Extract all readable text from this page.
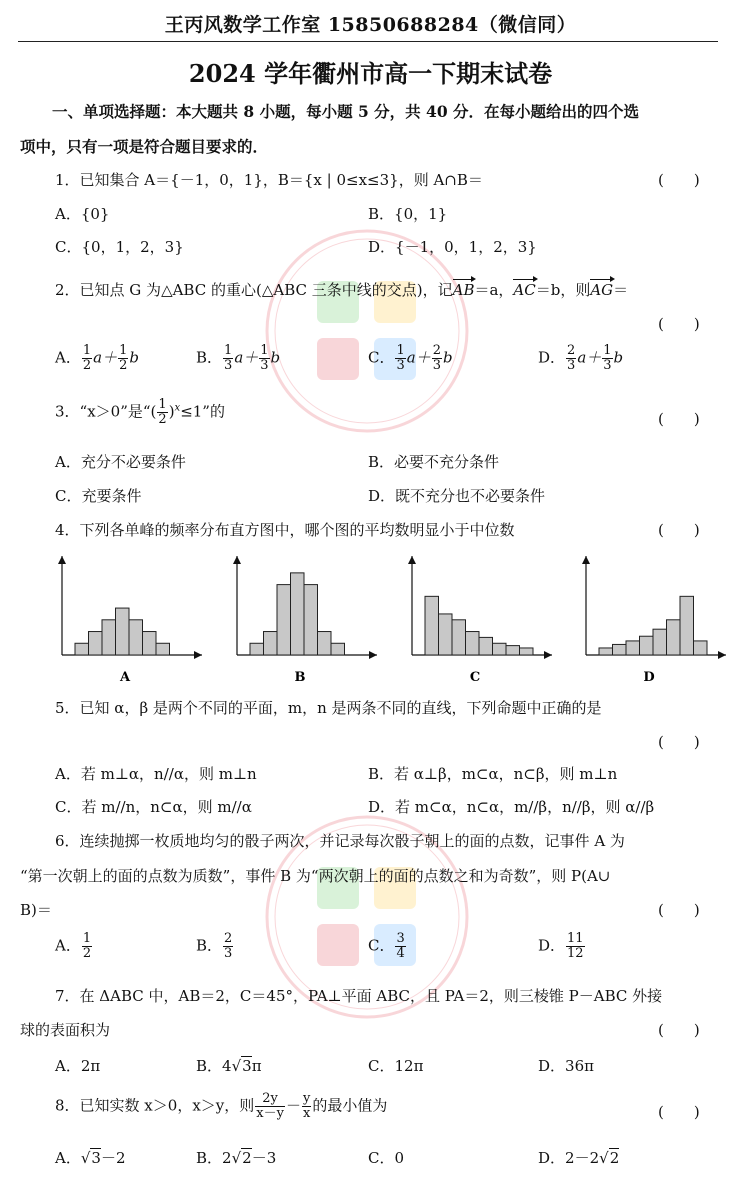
王丙风数学工作室 15850688284（微信同）
2024 学年衢州市高一下期末试卷
一、单项选择题：本大题共 8 小题，每小题 5 分，共 40 分．在每小题给出的四个选
项中，只有一项是符合题目要求的．
1．已知集合 A＝{－1，0，1}，B＝{x | 0≤x≤3}，则 A∩B＝	(　　)
A．{0}	B．{0，1}
C．{0，1，2，3}	D．{－1，0，1，2，3}
2．已知点 G 为△ABC 的重心(△ABC 三条中线的交点)，记AB＝a，AC＝b，则AG＝
(　　)
A． $\frac{1}{2} a+ \frac{1}{2}$ b	B． $\frac{1}{3} a+ \frac{1}{3}$ b	C． $\frac{1}{3} a+ \frac{2}{3}$ b	D． $\frac{2}{3} a+ \frac{1}{3}$ b
3．“x＞0”是“( $\frac{1}{2} )^x\le 1$”的	(　　)
A．充分不必要条件	B．必要不充分条件
C．充要条件	D．既不充分也不必要条件
4．下列各单峰的频率分布直方图中，哪个图的平均数明显小于中位数	(　　)
A	B	C	D
5．已知 α，β 是两个不同的平面，m，n 是两条不同的直线，下列命题中正确的是
(　　)
A．若 m⊥α，n//α，则 m⊥n	B．若 α⊥β，m⊂α，n⊂β，则 m⊥n
C．若 m//n，n⊂α，则 m//α	D．若 m⊂α，n⊂α，m//β，n//β，则 α//β
6．连续抛掷一枚质地均匀的骰子两次，并记录每次骰子朝上的面的点数，记事件 A 为
“第一次朝上的面的点数为质数”，事件 B 为“两次朝上的面的点数之和为奇数”，则 P(A∪
B)＝	(　　)
A． $\frac{1}{2}$	B． $\frac{2}{3}$	C． $\frac{3}{4}$	D． $\frac{11}{12}$
7．在 ΔABC 中，AB＝2，C＝45°，PA⊥平面 ABC，且 PA＝2，则三棱锥 P－ABC 外接
球的表面积为	(　　)
A．2π	B．4√3π	C．12π	D．36π
8．已知实数 x＞0，x＞y，则 $\frac{2y}{x-y} - \frac{y}{x}$ 的最小值为	(　　)
A．√3－2	B．2√2－3	C．0	D．2－2√2
